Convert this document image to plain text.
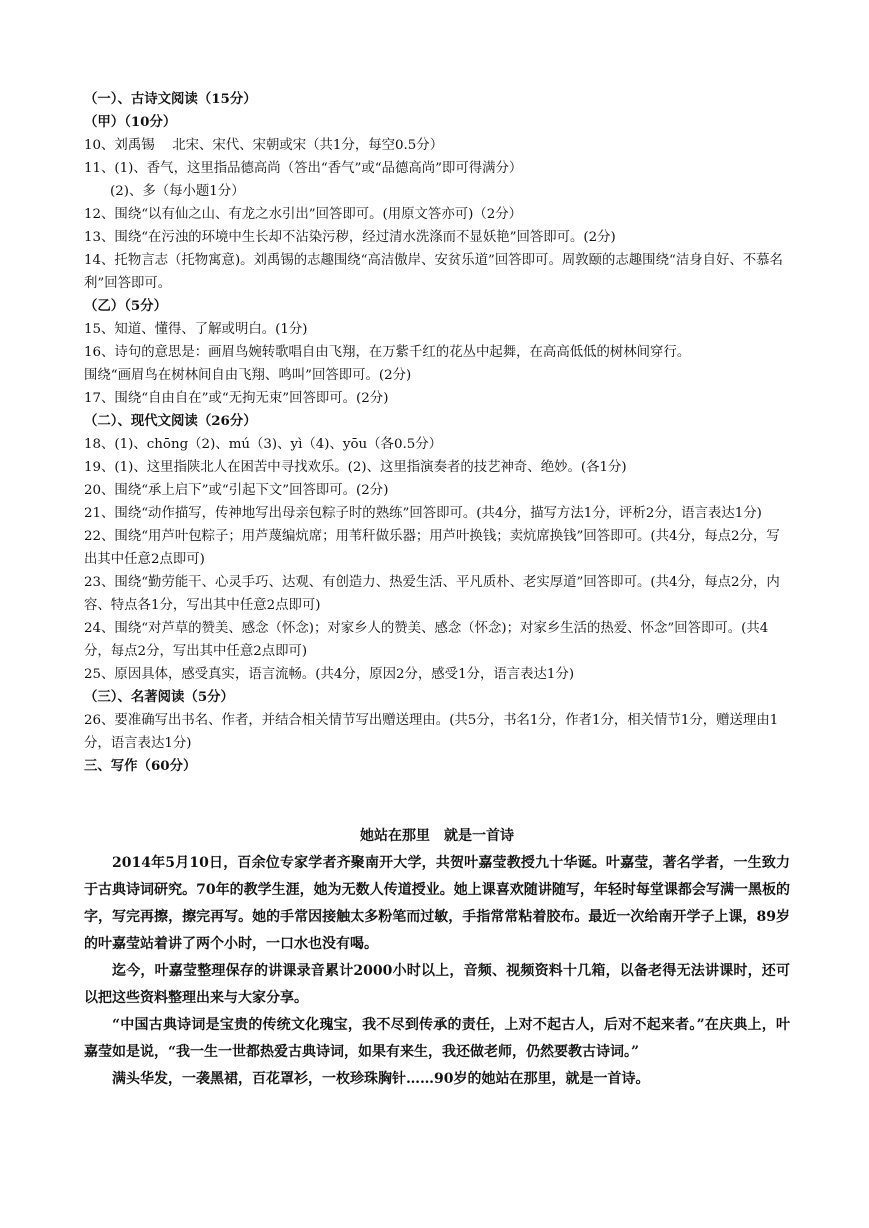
（一）、古诗文阅读（15分）

（甲）（10分）

10、刘禹锡　 北宋、宋代、宋朝或宋（共1分，每空0.5分）

11、(1)、香气，这里指品德高尚（答出“香气”或“品德高尚”即可得满分）

(2)、多（每小题1分）

12、围绕“以有仙之山、有龙之水引出”回答即可。(用原文答亦可)（2分）

13、围绕“在污浊的环境中生长却不沾染污秽，经过清水洗涤而不显妖艳”回答即可。(2分)

14、托物言志（托物寓意)。刘禹锡的志趣围绕“高洁傲岸、安贫乐道”回答即可。周敦颐的志趣围绕“洁身自好、不慕名利”回答即可。

（乙）（5分）

15、知道、懂得、了解或明白。(1分)

16、诗句的意思是：画眉鸟婉转歌唱自由飞翔，在万紫千红的花丛中起舞，在高高低低的树林间穿行。

围绕“画眉鸟在树林间自由飞翔、鸣叫”回答即可。(2分)

17、围绕“自由自在”或“无拘无束”回答即可。(2分)

（二）、现代文阅读（26分）

18、(1)、chōng（2)、mú（3)、yì（4)、yōu（各0.5分）

19、(1)、这里指陕北人在困苦中寻找欢乐。(2)、这里指演奏者的技艺神奇、绝妙。(各1分)

20、围绕“承上启下”或“引起下文”回答即可。(2分)

21、围绕“动作描写，传神地写出母亲包粽子时的熟练”回答即可。(共4分，描写方法1分，评析2分，语言表达1分)

22、围绕“用芦叶包粽子；用芦蔑编炕席；用苇秆做乐器；用芦叶换钱；卖炕席换钱”回答即可。(共4分，每点2分，写出其中任意2点即可)

23、围绕“勤劳能干、心灵手巧、达观、有创造力、热爱生活、平凡质朴、老实厚道”回答即可。(共4分，每点2分，内容、特点各1分，写出其中任意2点即可)

24、围绕“对芦草的赞美、感念（怀念)；对家乡人的赞美、感念（怀念)；对家乡生活的热爱、怀念”回答即可。(共4分，每点2分，写出其中任意2点即可)

25、原因具体，感受真实，语言流畅。(共4分，原因2分，感受1分，语言表达1分)

（三）、名著阅读（5分）

26、要准确写出书名、作者，并结合相关情节写出赠送理由。(共5分，书名1分，作者1分，相关情节1分，赠送理由1分，语言表达1分)

三、写作（60分）

她站在那里　就是一首诗

2014年5月10日，百余位专家学者齐聚南开大学，共贺叶嘉莹教授九十华诞。叶嘉莹，著名学者，一生致力于古典诗词研究。70年的教学生涯，她为无数人传道授业。她上课喜欢随讲随写，年轻时每堂课都会写满一黑板的字，写完再擦，擦完再写。她的手常因接触太多粉笔而过敏，手指常常粘着胶布。最近一次给南开学子上课，89岁的叶嘉莹站着讲了两个小时，一口水也没有喝。

迄今，叶嘉莹整理保存的讲课录音累计2000小时以上，音频、视频资料十几箱，以备老得无法讲课时，还可以把这些资料整理出来与大家分享。

“中国古典诗词是宝贵的传统文化瑰宝，我不尽到传承的责任，上对不起古人，后对不起来者。”在庆典上，叶嘉莹如是说，“我一生一世都热爱古典诗词，如果有来生，我还做老师，仍然要教古诗词。”

满头华发，一袭黑裙，百花罩衫，一枚珍珠胸针……90岁的她站在那里，就是一首诗。
